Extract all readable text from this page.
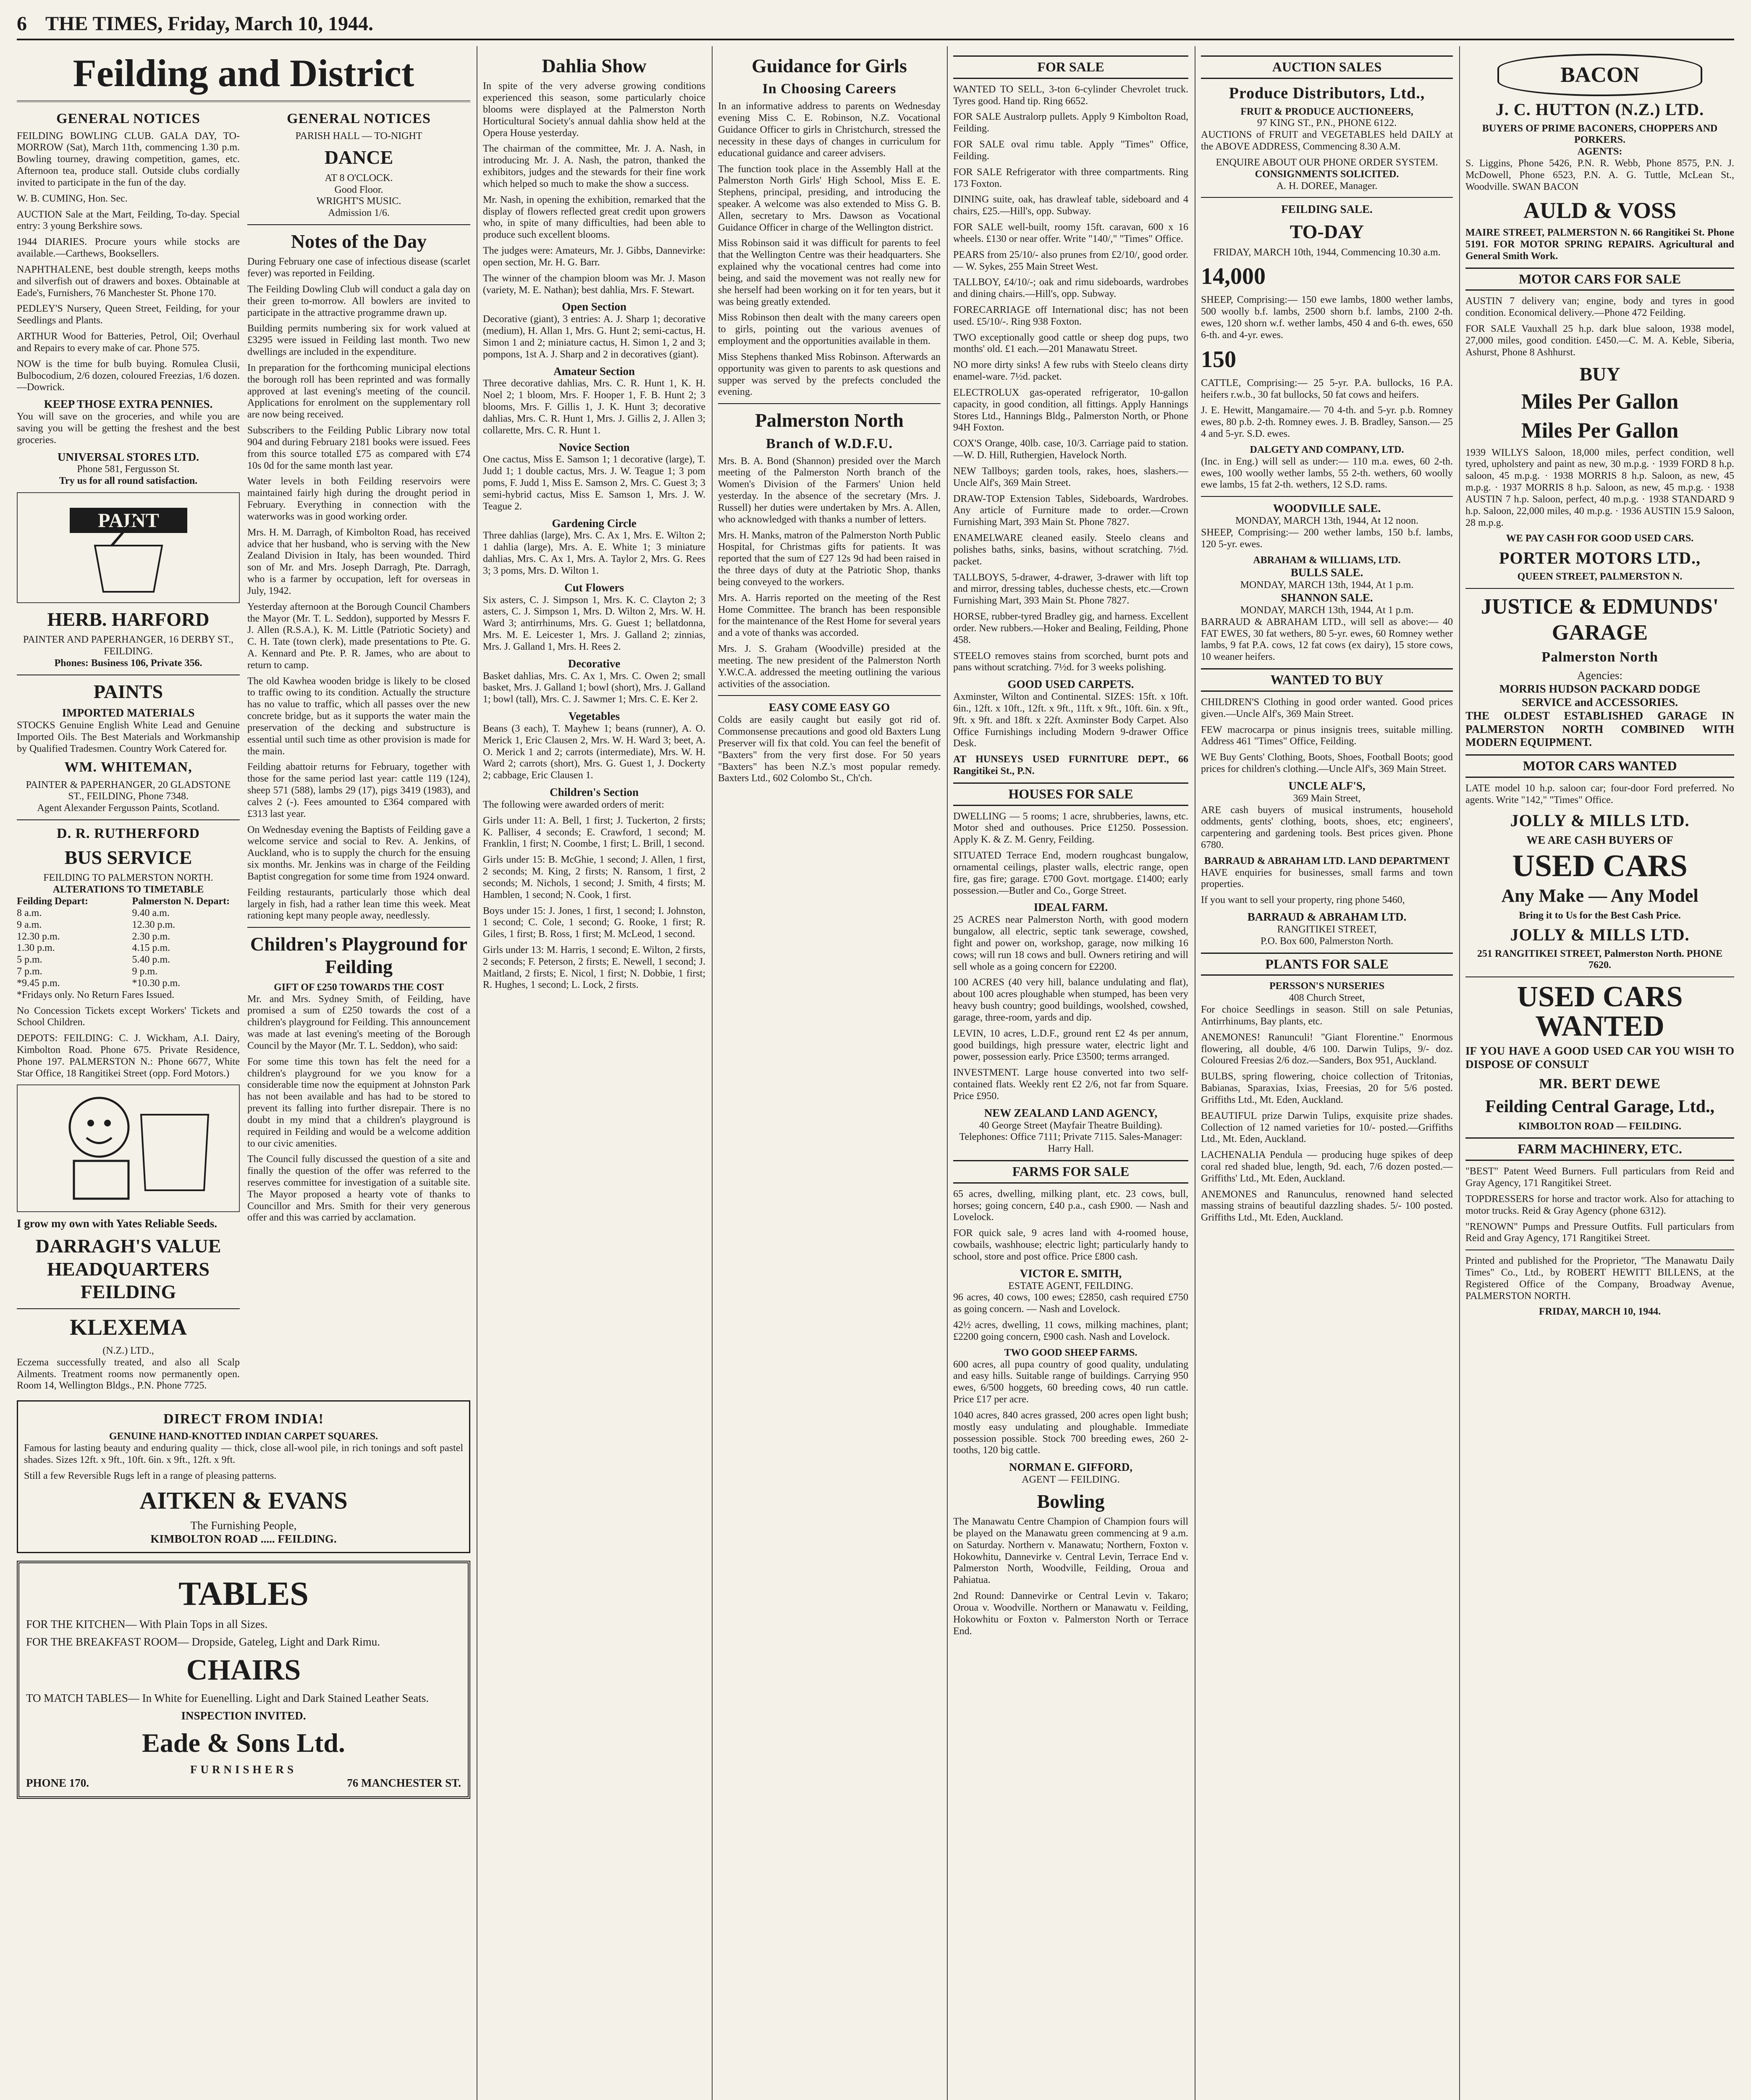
6 THE TIMES, Friday, March 10, 1944.
Feilding and District
GENERAL NOTICES

FEILDING BOWLING CLUB. GALA DAY, TO-MORROW (Sat), March 11th, commencing 1.30 p.m. Bowling tourney, drawing competition, games, etc. Afternoon tea, produce stall. Outside clubs cordially invited to participate in the fun of the day.

W. B. CUMING, Hon. Sec.

AUCTION Sale at the Mart, Feilding, To-day. Special entry: 3 young Berkshire sows.

1944 DIARIES. Procure yours while stocks are available.—Carthews, Booksellers.

NAPHTHALENE, best double strength, keeps moths and silverfish out of drawers and boxes. Obtainable at Eade's, Furnishers, 76 Manchester St. Phone 170.

PEDLEY'S Nursery, Queen Street, Feilding, for your Seedlings and Plants.

ARTHUR Wood for Batteries, Petrol, Oil; Overhaul and Repairs to every make of car. Phone 575.

NOW is the time for bulb buying. Romulea Clusii, Bulbocodium, 2/6 dozen, coloured Freezias, 1/6 dozen.—Dowrick.

KEEP THOSE EXTRA PENNIES.

You will save on the groceries, and while you are saving you will be getting the freshest and the best groceries.

UNIVERSAL STORES LTD.
Phone 581, Fergusson St.
Try us for all round satisfaction.
PAINT
HERB. HARFORD
PAINTER AND PAPERHANGER, 16 DERBY ST., FEILDING.
Phones: Business 106, Private 356.
PAINTS
IMPORTED MATERIALS

STOCKS Genuine English White Lead and Genuine Imported Oils. The Best Materials and Workmanship by Qualified Tradesmen. Country Work Catered for.

WM. WHITEMAN,
PAINTER & PAPERHANGER, 20 GLADSTONE ST., FEILDING, Phone 7348.
Agent Alexander Fergusson Paints, Scotland.
D. R. RUTHERFORD
BUS SERVICE
FEILDING TO PALMERSTON NORTH.
ALTERATIONS TO TIMETABLE
Feilding Depart:
8 a.m.
9 a.m.
12.30 p.m.
1.30 p.m.
5 p.m.
7 p.m.
*9.45 p.m.
Palmerston N. Depart:
9.40 a.m.
12.30 p.m.
2.30 p.m.
4.15 p.m.
5.40 p.m.
9 p.m.
*10.30 p.m.

*Fridays only. No Return Fares Issued.

No Concession Tickets except Workers' Tickets and School Children.

DEPOTS: FEILDING: C. J. Wickham, A.I. Dairy, Kimbolton Road. Phone 675. Private Residence, Phone 197. PALMERSTON N.: Phone 6677, White Star Office, 18 Rangitikei Street (opp. Ford Motors.)

I grow my own with Yates Reliable Seeds.

DARRAGH'S VALUE HEADQUARTERS FEILDING
KLEXEMA
(N.Z.) LTD.,

Eczema successfully treated, and also all Scalp Ailments. Treatment rooms now permanently open. Room 14, Wellington Bldgs., P.N. Phone 7725.

GENERAL NOTICES
PARISH HALL — TO-NIGHT
DANCE
AT 8 O'CLOCK.
Good Floor.
WRIGHT'S MUSIC.
Admission 1/6.
Notes of the Day

During February one case of infectious disease (scarlet fever) was reported in Feilding.

The Feilding Dowling Club will conduct a gala day on their green to-morrow. All bowlers are invited to participate in the attractive programme drawn up.

Building permits numbering six for work valued at £3295 were issued in Feilding last month. Two new dwellings are included in the expenditure.

In preparation for the forthcoming municipal elections the borough roll has been reprinted and was formally approved at last evening's meeting of the council. Applications for enrolment on the supplementary roll are now being received.

Subscribers to the Feilding Public Library now total 904 and during February 2181 books were issued. Fees from this source totalled £75 as compared with £74 10s 0d for the same month last year.

Water levels in both Feilding reservoirs were maintained fairly high during the drought period in February. Everything in connection with the waterworks was in good working order.

Mrs. H. M. Darragh, of Kimbolton Road, has received advice that her husband, who is serving with the New Zealand Division in Italy, has been wounded. Third son of Mr. and Mrs. Joseph Darragh, Pte. Darragh, who is a farmer by occupation, left for overseas in July, 1942.

Yesterday afternoon at the Borough Council Chambers the Mayor (Mr. T. L. Seddon), supported by Messrs F. J. Allen (R.S.A.), K. M. Little (Patriotic Society) and C. H. Tate (town clerk), made presentations to Pte. G. A. Kennard and Pte. P. R. James, who are about to return to camp.

The old Kawhea wooden bridge is likely to be closed to traffic owing to its condition. Actually the structure has no value to traffic, which all passes over the new concrete bridge, but as it supports the water main the preservation of the decking and substructure is essential until such time as other provision is made for the main.

Feilding abattoir returns for February, together with those for the same period last year: cattle 119 (124), sheep 571 (588), lambs 29 (17), pigs 3419 (1983), and calves 2 (-). Fees amounted to £364 compared with £313 last year.

On Wednesday evening the Baptists of Feilding gave a welcome service and social to Rev. A. Jenkins, of Auckland, who is to supply the church for the ensuing six months. Mr. Jenkins was in charge of the Feilding Baptist congregation for some time from 1924 onward.

Feilding restaurants, particularly those which deal largely in fish, had a rather lean time this week. Meat rationing kept many people away, needlessly.

Children's Playground for Feilding
GIFT OF £250 TOWARDS THE COST

Mr. and Mrs. Sydney Smith, of Feilding, have promised a sum of £250 towards the cost of a children's playground for Feilding. This announcement was made at last evening's meeting of the Borough Council by the Mayor (Mr. T. L. Seddon), who said:

For some time this town has felt the need for a children's playground for we you know for a considerable time now the equipment at Johnston Park has not been available and has had to be stored to prevent its falling into further disrepair. There is no doubt in my mind that a children's playground is required in Feilding and would be a welcome addition to our civic amenities.

The Council fully discussed the question of a site and finally the question of the offer was referred to the reserves committee for investigation of a suitable site. The Mayor proposed a hearty vote of thanks to Councillor and Mrs. Smith for their very generous offer and this was carried by acclamation.

DIRECT FROM INDIA!
GENUINE HAND-KNOTTED INDIAN CARPET SQUARES.

Famous for lasting beauty and enduring quality — thick, close all-wool pile, in rich tonings and soft pastel shades. Sizes 12ft. x 9ft., 10ft. 6in. x 9ft., 12ft. x 9ft.

Still a few Reversible Rugs left in a range of pleasing patterns.

AITKEN & EVANS
The Furnishing People,
KIMBOLTON ROAD ..... FEILDING.
TABLES

FOR THE KITCHEN— With Plain Tops in all Sizes.

FOR THE BREAKFAST ROOM— Dropside, Gateleg, Light and Dark Rimu.

CHAIRS

TO MATCH TABLES— In White for Euenelling. Light and Dark Stained Leather Seats.

INSPECTION INVITED.
Eade & Sons Ltd.
FURNISHERS
PHONE 170.	76 MANCHESTER ST.
Dahlia Show

In spite of the very adverse growing conditions experienced this season, some particularly choice blooms were displayed at the Palmerston North Horticultural Society's annual dahlia show held at the Opera House yesterday.

The chairman of the committee, Mr. J. A. Nash, in introducing Mr. J. A. Nash, the patron, thanked the exhibitors, judges and the stewards for their fine work which helped so much to make the show a success.

Mr. Nash, in opening the exhibition, remarked that the display of flowers reflected great credit upon growers who, in spite of many difficulties, had been able to produce such excellent blooms.

The judges were: Amateurs, Mr. J. Gibbs, Dannevirke: open section, Mr. H. G. Barr.

The winner of the champion bloom was Mr. J. Mason (variety, M. E. Nathan); best dahlia, Mrs. F. Stewart.

Open Section

Decorative (giant), 3 entries: A. J. Sharp 1; decorative (medium), H. Allan 1, Mrs. G. Hunt 2; semi-cactus, H. Simon 1 and 2; miniature cactus, H. Simon 1, 2 and 3; pompons, 1st A. J. Sharp and 2 in decoratives (giant).

Amateur Section

Three decorative dahlias, Mrs. C. R. Hunt 1, K. H. Noel 2; 1 bloom, Mrs. F. Hooper 1, F. B. Hunt 2; 3 blooms, Mrs. F. Gillis 1, J. K. Hunt 3; decorative dahlias, Mrs. C. R. Hunt 1, Mrs. J. Gillis 2, J. Allen 3; collarette, Mrs. C. R. Hunt 1.

Novice Section

One cactus, Miss E. Samson 1; 1 decorative (large), T. Judd 1; 1 double cactus, Mrs. J. W. Teague 1; 3 pom poms, F. Judd 1, Miss E. Samson 2, Mrs. C. Guest 3; 3 semi-hybrid cactus, Miss E. Samson 1, Mrs. J. W. Teague 2.

Gardening Circle

Three dahlias (large), Mrs. C. Ax 1, Mrs. E. Wilton 2; 1 dahlia (large), Mrs. A. E. White 1; 3 miniature dahlias, Mrs. C. Ax 1, Mrs. A. Taylor 2, Mrs. G. Rees 3; 3 poms, Mrs. D. Wilton 1.

Cut Flowers

Six asters, C. J. Simpson 1, Mrs. K. C. Clayton 2; 3 asters, C. J. Simpson 1, Mrs. D. Wilton 2, Mrs. W. H. Ward 3; antirrhinums, Mrs. G. Guest 1; bellatdonna, Mrs. M. E. Leicester 1, Mrs. J. Galland 2; zinnias, Mrs. J. Galland 1, Mrs. H. Rees 2.

Decorative

Basket dahlias, Mrs. C. Ax 1, Mrs. C. Owen 2; small basket, Mrs. J. Galland 1; bowl (short), Mrs. J. Galland 1; bowl (tall), Mrs. C. J. Sawmer 1; Mrs. C. E. Ker 2.

Vegetables

Beans (3 each), T. Mayhew 1; beans (runner), A. O. Merick 1, Eric Clausen 2, Mrs. W. H. Ward 3; beet, A. O. Merick 1 and 2; carrots (intermediate), Mrs. W. H. Ward 2; carrots (short), Mrs. G. Guest 1, J. Dockerty 2; cabbage, Eric Clausen 1.

Children's Section

The following were awarded orders of merit:

Girls under 11: A. Bell, 1 first; J. Tuckerton, 2 firsts; K. Palliser, 4 seconds; E. Crawford, 1 second; M. Franklin, 1 first; N. Coombe, 1 first; L. Brill, 1 second.

Girls under 15: B. McGhie, 1 second; J. Allen, 1 first, 2 seconds; M. King, 2 firsts; N. Ransom, 1 first, 2 seconds; M. Nichols, 1 second; J. Smith, 4 firsts; M. Hamblen, 1 second; N. Cook, 1 first.

Boys under 15: J. Jones, 1 first, 1 second; I. Johnston, 1 second; C. Cole, 1 second; G. Rooke, 1 first; R. Giles, 1 first; B. Ross, 1 first; M. McLeod, 1 second.

Girls under 13: M. Harris, 1 second; E. Wilton, 2 firsts, 2 seconds; F. Peterson, 2 firsts; E. Newell, 1 second; J. Maitland, 2 firsts; E. Nicol, 1 first; N. Dobbie, 1 first; R. Hughes, 1 second; L. Lock, 2 firsts.

Guidance for Girls
In Choosing Careers

In an informative address to parents on Wednesday evening Miss C. E. Robinson, N.Z. Vocational Guidance Officer to girls in Christchurch, stressed the necessity in these days of changes in curriculum for educational guidance and career advisers.

The function took place in the Assembly Hall at the Palmerston North Girls' High School, Miss E. E. Stephens, principal, presiding, and introducing the speaker. A welcome was also extended to Miss G. B. Allen, secretary to Mrs. Dawson as Vocational Guidance Officer in charge of the Wellington district.

Miss Robinson said it was difficult for parents to feel that the Wellington Centre was their headquarters. She explained why the vocational centres had come into being, and said the movement was not really new for she herself had been working on it for ten years, but it was being greatly extended.

Miss Robinson then dealt with the many careers open to girls, pointing out the various avenues of employment and the opportunities available in them.

Miss Stephens thanked Miss Robinson. Afterwards an opportunity was given to parents to ask questions and supper was served by the prefects concluded the evening.

Palmerston North
Branch of W.D.F.U.

Mrs. B. A. Bond (Shannon) presided over the March meeting of the Palmerston North branch of the Women's Division of the Farmers' Union held yesterday. In the absence of the secretary (Mrs. J. Russell) her duties were undertaken by Mrs. A. Allen, who acknowledged with thanks a number of letters.

Mrs. H. Manks, matron of the Palmerston North Public Hospital, for Christmas gifts for patients. It was reported that the sum of £27 12s 9d had been raised in the three days of duty at the Patriotic Shop, thanks being conveyed to the workers.

Mrs. A. Harris reported on the meeting of the Rest Home Committee. The branch has been responsible for the maintenance of the Rest Home for several years and a vote of thanks was accorded.

Mrs. J. S. Graham (Woodville) presided at the meeting. The new president of the Palmerston North Y.W.C.A. addressed the meeting outlining the various activities of the association.

EASY COME EASY GO

Colds are easily caught but easily got rid of. Commonsense precautions and good old Baxters Lung Preserver will fix that cold. You can feel the benefit of "Baxters" from the very first dose. For 50 years "Baxters" has been N.Z.'s most popular remedy. Baxters Ltd., 602 Colombo St., Ch'ch.

FOR SALE

WANTED TO SELL, 3-ton 6-cylinder Chevrolet truck. Tyres good. Hand tip. Ring 6652.

FOR SALE Australorp pullets. Apply 9 Kimbolton Road, Feilding.

FOR SALE oval rimu table. Apply "Times" Office, Feilding.

FOR SALE Refrigerator with three compartments. Ring 173 Foxton.

DINING suite, oak, has drawleaf table, sideboard and 4 chairs, £25.—Hill's, opp. Subway.

FOR SALE well-built, roomy 15ft. caravan, 600 x 16 wheels. £130 or near offer. Write "140/," "Times" Office.

PEARS from 25/10/- also prunes from £2/10/, good order. — W. Sykes, 255 Main Street West.

TALLBOY, £4/10/-; oak and rimu sideboards, wardrobes and dining chairs.—Hill's, opp. Subway.

FORECARRIAGE off International disc; has not been used. £5/10/-. Ring 938 Foxton.

TWO exceptionally good cattle or sheep dog pups, two months' old. £1 each.—201 Manawatu Street.

NO more dirty sinks! A few rubs with Steelo cleans dirty enamel-ware. 7½d. packet.

ELECTROLUX gas-operated refrigerator, 10-gallon capacity, in good condition, all fittings. Apply Hannings Stores Ltd., Hannings Bldg., Palmerston North, or Phone 94H Foxton.

COX'S Orange, 40lb. case, 10/3. Carriage paid to station.—W. D. Hill, Ruthergien, Havelock North.

NEW Tallboys; garden tools, rakes, hoes, slashers.—Uncle Alf's, 369 Main Street.

DRAW-TOP Extension Tables, Sideboards, Wardrobes. Any article of Furniture made to order.—Crown Furnishing Mart, 393 Main St. Phone 7827.

ENAMELWARE cleaned easily. Steelo cleans and polishes baths, sinks, basins, without scratching. 7½d. packet.

TALLBOYS, 5-drawer, 4-drawer, 3-drawer with lift top and mirror, dressing tables, duchesse chests, etc.—Crown Furnishing Mart, 393 Main St. Phone 7827.

HORSE, rubber-tyred Bradley gig, and harness. Excellent order. New rubbers.—Hoker and Bealing, Feilding, Phone 458.

STEELO removes stains from scorched, burnt pots and pans without scratching. 7½d. for 3 weeks polishing.

GOOD USED CARPETS.

Axminster, Wilton and Continental. SIZES: 15ft. x 10ft. 6in., 12ft. x 10ft., 12ft. x 9ft., 11ft. x 9ft., 10ft. 6in. x 9ft., 9ft. x 9ft. and 18ft. x 22ft. Axminster Body Carpet. Also Office Furnishings including Modern 9-drawer Office Desk.

AT HUNSEYS USED FURNITURE DEPT., 66 Rangitikei St., P.N.

HOUSES FOR SALE

DWELLING — 5 rooms; 1 acre, shrubberies, lawns, etc. Motor shed and outhouses. Price £1250. Possession. Apply K. & Z. M. Genry, Feilding.

SITUATED Terrace End, modern roughcast bungalow, ornamental ceilings, plaster walls, electric range, open fire, gas fire; garage. £700 Govt. mortgage. £1400; early possession.—Butler and Co., Gorge Street.

IDEAL FARM.

25 ACRES near Palmerston North, with good modern bungalow, all electric, septic tank sewerage, cowshed, fight and power on, workshop, garage, now milking 16 cows; will run 18 cows and bull. Owners retiring and will sell whole as a going concern for £2200.

100 ACRES (40 very hill, balance undulating and flat), about 100 acres ploughable when stumped, has been very heavy bush country; good buildings, woolshed, cowshed, garage, three-room, yards and dip.

LEVIN, 10 acres, L.D.F., ground rent £2 4s per annum, good buildings, high pressure water, electric light and power, possession early. Price £3500; terms arranged.

INVESTMENT. Large house converted into two self-contained flats. Weekly rent £2 2/6, not far from Square. Price £950.

NEW ZEALAND LAND AGENCY,
40 George Street (Mayfair Theatre Building).
Telephones: Office 7111; Private 7115. Sales-Manager: Harry Hall.
FARMS FOR SALE

65 acres, dwelling, milking plant, etc. 23 cows, bull, horses; going concern, £40 p.a., cash £900. — Nash and Lovelock.

FOR quick sale, 9 acres land with 4-roomed house, cowbails, washhouse; electric light; particularly handy to school, store and post office. Price £800 cash.

VICTOR E. SMITH,
ESTATE AGENT, FEILDING.

96 acres, 40 cows, 100 ewes; £2850, cash required £750 as going concern. — Nash and Lovelock.

42½ acres, dwelling, 11 cows, milking machines, plant; £2200 going concern, £900 cash. Nash and Lovelock.

TWO GOOD SHEEP FARMS.

600 acres, all pupa country of good quality, undulating and easy hills. Suitable range of buildings. Carrying 950 ewes, 6/500 hoggets, 60 breeding cows, 40 run cattle. Price £17 per acre.

1040 acres, 840 acres grassed, 200 acres open light bush; mostly easy undulating and ploughable. Immediate possession possible. Stock 700 breeding ewes, 260 2-tooths, 120 big cattle.

NORMAN E. GIFFORD,
AGENT — FEILDING.
Bowling

The Manawatu Centre Champion of Champion fours will be played on the Manawatu green commencing at 9 a.m. on Saturday. Northern v. Manawatu; Northern, Foxton v. Hokowhitu, Dannevirke v. Central Levin, Terrace End v. Palmerston North, Woodville, Feilding, Oroua and Pahiatua.

2nd Round: Dannevirke or Central Levin v. Takaro; Oroua v. Woodville. Northern or Manawatu v. Feilding, Hokowhitu or Foxton v. Palmerston North or Terrace End.

AUCTION SALES
Produce Distributors, Ltd.,
FRUIT & PRODUCE AUCTIONEERS,
97 KING ST., P.N., PHONE 6122.

AUCTIONS of FRUIT and VEGETABLES held DAILY at the ABOVE ADDRESS, Commencing 8.30 A.M.

ENQUIRE ABOUT OUR PHONE ORDER SYSTEM.
CONSIGNMENTS SOLICITED.
A. H. DOREE, Manager.
FEILDING SALE.
TO-DAY
FRIDAY, MARCH 10th, 1944, Commencing 10.30 a.m.
14,000

SHEEP, Comprising:— 150 ewe lambs, 1800 wether lambs, 500 woolly b.f. lambs, 2500 shorn b.f. lambs, 2100 2-th. ewes, 120 shorn w.f. wether lambs, 450 4 and 6-th. ewes, 650 6-th. and 4-yr. ewes.

150

CATTLE, Comprising:— 25 5-yr. P.A. bullocks, 16 P.A. heifers r.w.b., 30 fat bullocks, 50 fat cows and heifers.

J. E. Hewitt, Mangamaire.— 70 4-th. and 5-yr. p.b. Romney ewes, 80 p.b. 2-th. Romney ewes. J. B. Bradley, Sanson.— 25 4 and 5-yr. S.D. ewes.

DALGETY AND COMPANY, LTD.

(Inc. in Eng.) will sell as under:— 110 m.a. ewes, 60 2-th. ewes, 100 woolly wether lambs, 55 2-th. wethers, 60 woolly ewe lambs, 15 fat 2-th. wethers, 12 S.D. rams.

WOODVILLE SALE.
MONDAY, MARCH 13th, 1944, At 12 noon.

SHEEP, Comprising:— 200 wether lambs, 150 b.f. lambs, 120 5-yr. ewes.

ABRAHAM & WILLIAMS, LTD.
BULLS SALE.
MONDAY, MARCH 13th, 1944, At 1 p.m.
SHANNON SALE.
MONDAY, MARCH 13th, 1944, At 1 p.m.

BARRAUD & ABRAHAM LTD., will sell as above:— 40 FAT EWES, 30 fat wethers, 80 5-yr. ewes, 60 Romney wether lambs, 9 fat P.A. cows, 12 fat cows (ex dairy), 15 store cows, 10 weaner heifers.

WANTED TO BUY

CHILDREN'S Clothing in good order wanted. Good prices given.—Uncle Alf's, 369 Main Street.

FEW macrocarpa or pinus insignis trees, suitable milling. Address 461 "Times" Office, Feilding.

WE Buy Gents' Clothing, Boots, Shoes, Football Boots; good prices for children's clothing.—Uncle Alf's, 369 Main Street.

UNCLE ALF'S,
369 Main Street,

ARE cash buyers of musical instruments, household oddments, gents' clothing, boots, shoes, etc; engineers', carpentering and gardening tools. Best prices given. Phone 6780.

BARRAUD & ABRAHAM LTD. LAND DEPARTMENT

HAVE enquiries for businesses, small farms and town properties.

If you want to sell your property, ring phone 5460,

BARRAUD & ABRAHAM LTD.
RANGITIKEI STREET,
P.O. Box 600, Palmerston North.
PLANTS FOR SALE
PERSSON'S NURSERIES
408 Church Street,

For choice Seedlings in season. Still on sale Petunias, Antirrhinums, Bay plants, etc.

ANEMONES! Ranunculi! "Giant Florentine." Enormous flowering, all double, 4/6 100. Darwin Tulips, 9/- doz. Coloured Freesias 2/6 doz.—Sanders, Box 951, Auckland.

BULBS, spring flowering, choice collection of Tritonias, Babianas, Sparaxias, Ixias, Freesias, 20 for 5/6 posted. Griffiths Ltd., Mt. Eden, Auckland.

BEAUTIFUL prize Darwin Tulips, exquisite prize shades. Collection of 12 named varieties for 10/- posted.—Griffiths Ltd., Mt. Eden, Auckland.

LACHENALIA Pendula — producing huge spikes of deep coral red shaded blue, length, 9d. each, 7/6 dozen posted.—Griffiths' Ltd., Mt. Eden, Auckland.

ANEMONES and Ranunculus, renowned hand selected massing strains of beautiful dazzling shades. 5/- 100 posted. Griffiths Ltd., Mt. Eden, Auckland.

BACON
J. C. HUTTON (N.Z.) LTD.
BUYERS OF PRIME BACONERS, CHOPPERS AND PORKERS.
AGENTS:

S. Liggins, Phone 5426, P.N. R. Webb, Phone 8575, P.N. J. McDowell, Phone 6523, P.N. A. G. Tuttle, McLean St., Woodville. SWAN BACON

AULD & VOSS

MAIRE STREET, PALMERSTON N. 66 Rangitikei St. Phone 5191. FOR MOTOR SPRING REPAIRS. Agricultural and General Smith Work.

MOTOR CARS FOR SALE

AUSTIN 7 delivery van; engine, body and tyres in good condition. Economical delivery.—Phone 472 Feilding.

FOR SALE Vauxhall 25 h.p. dark blue saloon, 1938 model, 27,000 miles, good condition. £450.—C. M. A. Keble, Siberia, Ashurst, Phone 8 Ashhurst.

BUY
Miles Per Gallon
Miles Per Gallon

1939 WILLYS Saloon, 18,000 miles, perfect condition, well tyred, upholstery and paint as new, 30 m.p.g. · 1939 FORD 8 h.p. saloon, 45 m.p.g. · 1938 MORRIS 8 h.p. Saloon, as new, 45 m.p.g. · 1937 MORRIS 8 h.p. Saloon, as new, 45 m.p.g. · 1938 AUSTIN 7 h.p. Saloon, perfect, 40 m.p.g. · 1938 STANDARD 9 h.p. Saloon, 22,000 miles, 40 m.p.g. · 1936 AUSTIN 15.9 Saloon, 28 m.p.g.

WE PAY CASH FOR GOOD USED CARS.
PORTER MOTORS LTD.,
QUEEN STREET, PALMERSTON N.
JUSTICE & EDMUNDS' GARAGE
Palmerston North
Agencies:
MORRIS HUDSON PACKARD DODGE
SERVICE and ACCESSORIES.

THE OLDEST ESTABLISHED GARAGE IN PALMERSTON NORTH COMBINED WITH MODERN EQUIPMENT.

MOTOR CARS WANTED

LATE model 10 h.p. saloon car; four-door Ford preferred. No agents. Write "142," "Times" Office.

JOLLY & MILLS LTD.
WE ARE CASH BUYERS OF
USED CARS
Any Make — Any Model
Bring it to Us for the Best Cash Price.
JOLLY & MILLS LTD.
251 RANGITIKEI STREET, Palmerston North. PHONE 7620.
USED CARS WANTED

IF YOU HAVE A GOOD USED CAR YOU WISH TO DISPOSE OF CONSULT

MR. BERT DEWE
Feilding Central Garage, Ltd.,
KIMBOLTON ROAD — FEILDING.
FARM MACHINERY, ETC.

"BEST" Patent Weed Burners. Full particulars from Reid and Gray Agency, 171 Rangitikei Street.

TOPDRESSERS for horse and tractor work. Also for attaching to motor trucks. Reid & Gray Agency (phone 6312).

"RENOWN" Pumps and Pressure Outfits. Full particulars from Reid and Gray Agency, 171 Rangitikei Street.

Printed and published for the Proprietor, "The Manawatu Daily Times" Co., Ltd., by ROBERT HEWITT BILLENS, at the Registered Office of the Company, Broadway Avenue, PALMERSTON NORTH.

FRIDAY, MARCH 10, 1944.
